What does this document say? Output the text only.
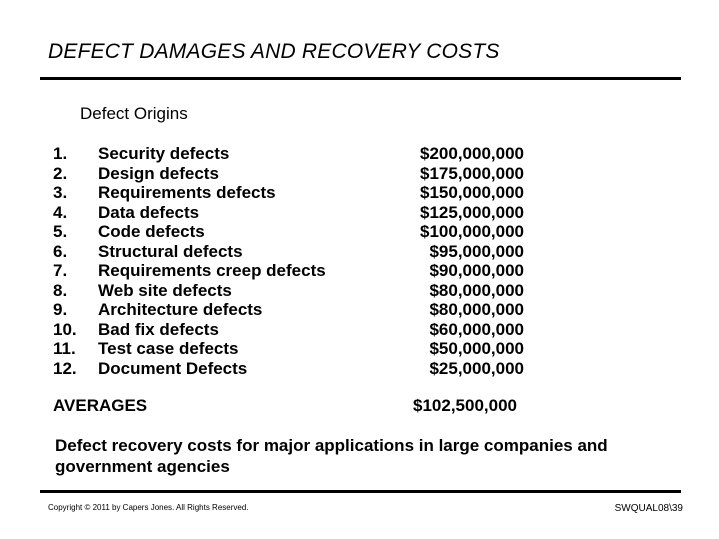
DEFECT DAMAGES AND RECOVERY COSTS
Defect Origins
1.	Security defects	$200,000,000
2.	Design defects	$175,000,000
3.	Requirements defects	$150,000,000
4.	Data defects	$125,000,000
5.	Code defects	$100,000,000
6.	Structural defects	$95,000,000
7.	Requirements creep defects	$90,000,000
8.	Web site defects	$80,000,000
9.	Architecture defects	$80,000,000
10.	Bad fix defects	$60,000,000
11.	Test case defects	$50,000,000
12.	Document Defects	$25,000,000
AVERAGES	$102,500,000
Defect recovery costs for major applications in large companies and government agencies
Copyright © 2011 by Capers Jones. All Rights Reserved.	SWQUAL08\39
